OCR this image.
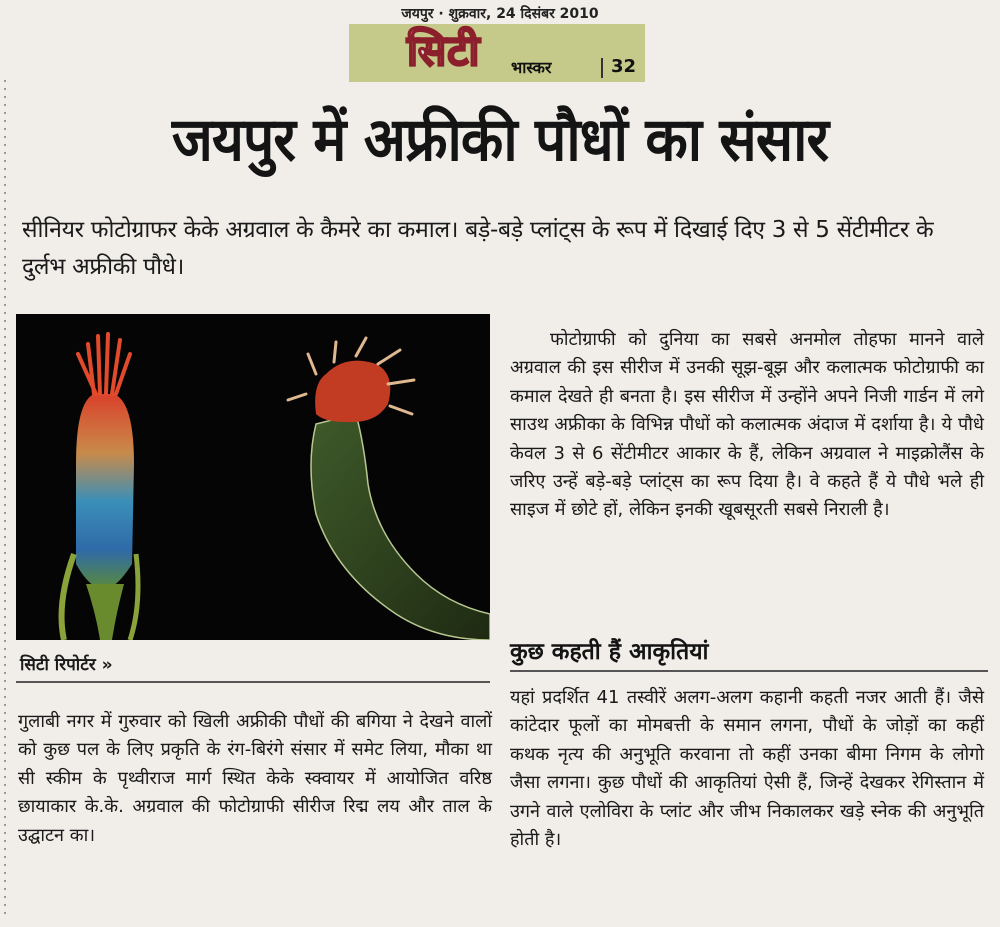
जयपुर · शुक्रवार, 24 दिसंबर 2010
सिटी भास्कर	32
जयपुर में अफ्रीकी पौधों का संसार
सीनियर फोटोग्राफर केके अग्रवाल के कैमरे का कमाल। बड़े-बड़े प्लांट्स के रूप में दिखाई दिए 3 से 5 सेंटीमीटर के दुर्लभ अफ्रीकी पौधे।
सिटी रिपोर्टर »
गुलाबी नगर में गुरुवार को खिली अफ्रीकी पौधों की बगिया ने देखने वालों को कुछ पल के लिए प्रकृति के रंग-बिरंगे संसार में समेट लिया, मौका था सी स्कीम के पृथ्वीराज मार्ग स्थित केके स्क्वायर में आयोजित वरिष्ठ छायाकार के.के. अग्रवाल की फोटोग्राफी सीरीज रिद्म लय और ताल के उद्घाटन का।
फोटोग्राफी को दुनिया का सबसे अनमोल तोहफा मानने वाले अग्रवाल की इस सीरीज में उनकी सूझ-बूझ और कलात्मक फोटोग्राफी का कमाल देखते ही बनता है। इस सीरीज में उन्होंने अपने निजी गार्डन में लगे साउथ अफ्रीका के विभिन्न पौधों को कलात्मक अंदाज में दर्शाया है। ये पौधे केवल 3 से 6 सेंटीमीटर आकार के हैं, लेकिन अग्रवाल ने माइक्रोलैंस के जरिए उन्हें बड़े-बड़े प्लांट्स का रूप दिया है। वे कहते हैं ये पौधे भले ही साइज में छोटे हों, लेकिन इनकी खूबसूरती सबसे निराली है।
कुछ कहती हैं आकृतियां
यहां प्रदर्शित 41 तस्वीरें अलग-अलग कहानी कहती नजर आती हैं। जैसे कांटेदार फूलों का मोमबत्ती के समान लगना, पौधों के जोड़ों का कहीं कथक नृत्य की अनुभूति करवाना तो कहीं उनका बीमा निगम के लोगो जैसा लगना। कुछ पौधों की आकृतियां ऐसी हैं, जिन्हें देखकर रेगिस्तान में उगने वाले एलोविरा के प्लांट और जीभ निकालकर खड़े स्नेक की अनुभूति होती है।
